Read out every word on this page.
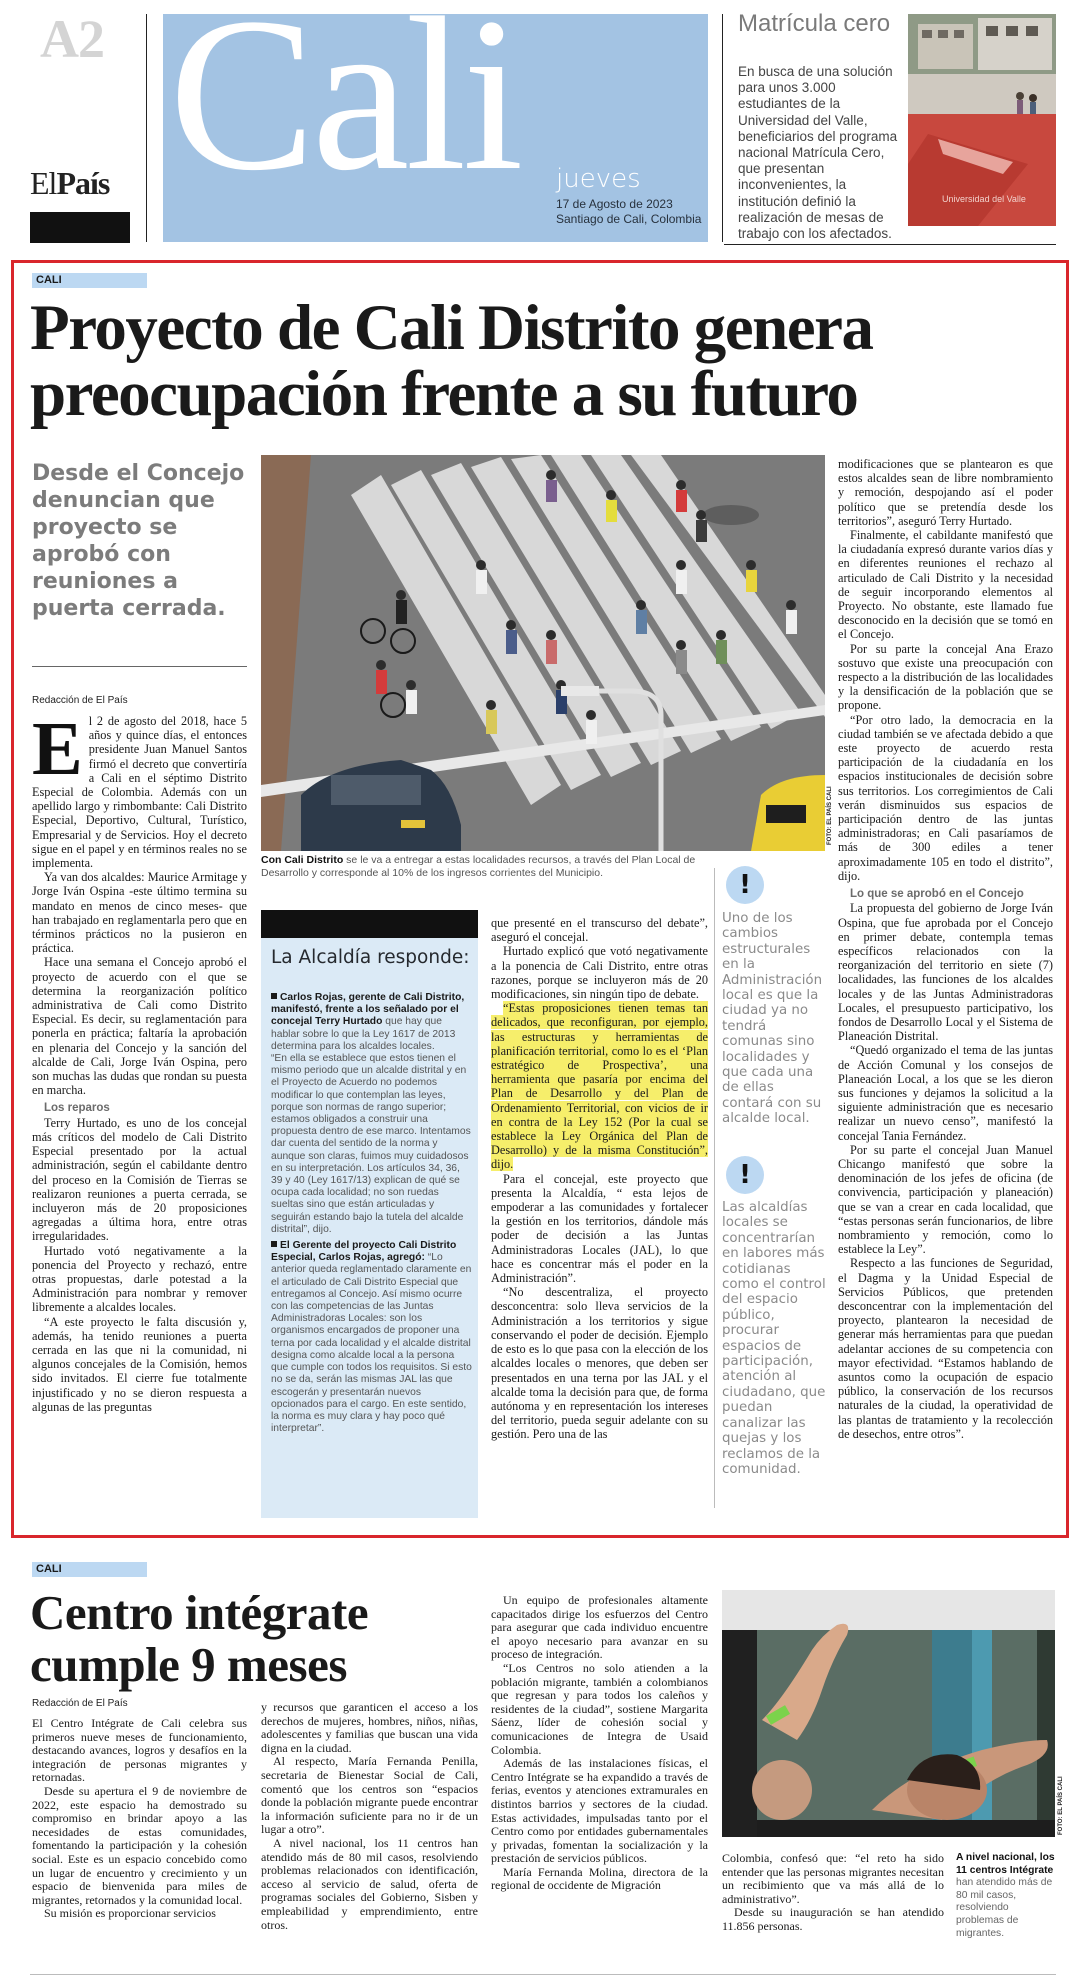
A2
ElPaís Cali jueves
17 de Agosto de 2023
Santiago de Cali, Colombia
Matrícula cero
En busca de una solución para unos 3.000 estudiantes de la Universidad del Valle, beneficiarios del programa nacional Matrícula Cero, que presentan inconvenientes, la institución definió la realización de mesas de trabajo con los afectados.
Universidad del Valle
CALI
Proyecto de Cali Distrito genera preocupación frente a su futuro
Desde el Concejo denuncian que proyecto se aprobó con reuniones a puerta cerrada.
Redacción de El País

El 2 de agosto del 2018, hace 5 años y quince días, el entonces presidente Juan Manuel Santos firmó el decreto que convertiría a Cali en el séptimo Distrito Especial de Colombia. Además con un apellido largo y rimbombante: Cali Distrito Especial, Deportivo, Cultural, Turístico, Empresarial y de Servicios. Hoy el decreto sigue en el papel y en términos reales no se implementa.

Ya van dos alcaldes: Maurice Armitage y Jorge Iván Ospina -este último termina su mandato en menos de cinco meses- que han trabajado en reglamentarla pero que en términos prácticos no la pusieron en práctica.

Hace una semana el Concejo aprobó el proyecto de acuerdo con el que se determina la reorganización político administrativa de Cali como Distrito Especial. Es decir, su reglamentación para ponerla en práctica; faltaría la aprobación en plenaria del Concejo y la sanción del alcalde de Cali, Jorge Iván Ospina, pero son muchas las dudas que rondan su puesta en marcha.

Los reparos

Terry Hurtado, es uno de los concejal más críticos del modelo de Cali Distrito Especial presentado por la actual administración, según el cabildante dentro del proceso en la Comisión de Tierras se realizaron reuniones a puerta cerrada, se incluyeron más de 20 proposiciones agregadas a última hora, entre otras irregularidades.

Hurtado votó negativamente a la ponencia del Proyecto y rechazó, entre otras propuestas, darle potestad a la Administración para nombrar y remover libremente a alcaldes locales.

“A este proyecto le falta discusión y, además, ha tenido reuniones a puerta cerrada en las que ni la comunidad, ni algunos concejales de la Comisión, hemos sido invitados. El cierre fue totalmente injustificado y no se dieron respuesta a algunas de las preguntas

FOTO: EL PAÍS CALI
Con Cali Distrito se le va a entregar a estas localidades recursos, a través del Plan Local de Desarrollo y corresponde al 10% de los ingresos corrientes del Municipio.
La Alcaldía responde:

Carlos Rojas, gerente de Cali Distrito, manifestó, frente a los señalado por el concejal Terry Hurtado que hay que hablar sobre lo que la Ley 1617 de 2013 determina para los alcaldes locales.

“En ella se establece que estos tienen el mismo periodo que un alcalde distrital y en el Proyecto de Acuerdo no podemos modificar lo que contemplan las leyes, porque son normas de rango superior; estamos obligados a construir una propuesta dentro de ese marco. Intentamos dar cuenta del sentido de la norma y aunque son claras, fuimos muy cuidadosos en su interpretación. Los artículos 34, 36, 39 y 40 (Ley 1617/13) explican de qué se ocupa cada localidad; no son ruedas sueltas sino que están articuladas y seguirán estando bajo la tutela del alcalde distrital”, dijo.

El Gerente del proyecto Cali Distrito Especial, Carlos Rojas, agregó: “Lo anterior queda reglamentado claramente en el articulado de Cali Distrito Especial que entregamos al Concejo. Así mismo ocurre con las competencias de las Juntas Administradoras Locales: son los organismos encargados de proponer una terna por cada localidad y el alcalde distrital designa como alcalde local a la persona que cumple con todos los requisitos. Si esto no se da, serán las mismas JAL las que escogerán y presentarán nuevos opcionados para el cargo. En este sentido, la norma es muy clara y hay poco qué interpretar”.

que presenté en el transcurso del debate”, aseguró el concejal.

Hurtado explicó que votó negativamente a la ponencia de Cali Distrito, entre otras razones, porque se incluyeron más de 20 modificaciones, sin ningún tipo de debate.

“Estas proposiciones tienen temas tan delicados, que reconfiguran, por ejemplo, las estructuras y herramientas de planificación territorial, como lo es el ‘Plan estratégico de Prospectiva’, una herramienta que pasaría por encima del Plan de Desarrollo y del Plan de Ordenamiento Territorial, con vicios de ir en contra de la Ley 152 (Por la cual se establece la Ley Orgánica del Plan de Desarrollo) y de la misma Constitución”, dijo.

Para el concejal, este proyecto que presenta la Alcaldía, “ esta lejos de empoderar a las comunidades y fortalecer la gestión en los territorios, dándole más poder de decisión a las Juntas Administradoras Locales (JAL), lo que hace es concentrar más el poder en la Administración”.

“No descentraliza, el proyecto desconcentra: solo lleva servicios de la Administración a los territorios y sigue conservando el poder de decisión. Ejemplo de esto es lo que pasa con la elección de los alcaldes locales o menores, que deben ser presentados en una terna por las JAL y el alcalde toma la decisión para que, de forma autónoma y en representación los intereses del territorio, pueda seguir adelante con su gestión. Pero una de las

!
Uno de los cambios estructurales en la Administración local es que la ciudad ya no tendrá comunas sino localidades y que cada una de ellas contará con su alcalde local.
!
Las alcaldías locales se concentrarían en labores más cotidianas como el control del espacio público, procurar espacios de participación, atención al ciudadano, que puedan canalizar las quejas y los reclamos de la comunidad.

modificaciones que se plantearon es que estos alcaldes sean de libre nombramiento y remoción, despojando así el poder político que se pretendía desde los territorios”, aseguró Terry Hurtado.

Finalmente, el cabildante manifestó que la ciudadanía expresó durante varios días y en diferentes reuniones el rechazo al articulado de Cali Distrito y la necesidad de seguir incorporando elementos al Proyecto. No obstante, este llamado fue desconocido en la decisión que se tomó en el Concejo.

Por su parte la concejal Ana Erazo sostuvo que existe una preocupación con respecto a la distribución de las localidades y la densificación de la población que se propone.

“Por otro lado, la democracia en la ciudad también se ve afectada debido a que este proyecto de acuerdo resta participación de la ciudadanía en los espacios institucionales de decisión sobre sus territorios. Los corregimientos de Cali verán disminuidos sus espacios de participación dentro de las juntas administradoras; en Cali pasaríamos de más de 300 ediles a tener aproximadamente 105 en todo el distrito”, dijo.

Lo que se aprobó en el Concejo

La propuesta del gobierno de Jorge Iván Ospina, que fue aprobada por el Concejo en primer debate, contempla temas específicos relacionados con la reorganización del territorio en siete (7) localidades, las funciones de los alcaldes locales y de las Juntas Administradoras Locales, el presupuesto participativo, los fondos de Desarrollo Local y el Sistema de Planeación Distrital.

“Quedó organizado el tema de las juntas de Acción Comunal y los consejos de Planeación Local, a los que se les dieron sus funciones y dejamos la solicitud a la siguiente administración que es necesario realizar un nuevo censo”, manifestó la concejal Tania Fernández.

Por su parte el concejal Juan Manuel Chicango manifestó que sobre la denominación de los jefes de oficina (de convivencia, participación y planeación) que se van a crear en cada localidad, que “estas personas serán funcionarios, de libre nombramiento y remoción, como lo establece la Ley”.

Respecto a las funciones de Seguridad, el Dagma y la Unidad Especial de Servicios Públicos, que pretenden desconcentrar con la implementación del proyecto, plantearon la necesidad de generar más herramientas para que puedan adelantar acciones de su competencia con mayor efectividad. “Estamos hablando de asuntos como la ocupación de espacio público, la conservación de los recursos naturales de la ciudad, la operatividad de las plantas de tratamiento y la recolección de desechos, entre otros”.

CALI
Centro intégrate cumple 9 meses
Redacción de El País

El Centro Intégrate de Cali celebra sus primeros nueve meses de funcionamiento, destacando avances, logros y desafíos en la integración de personas migrantes y retornadas.

Desde su apertura el 9 de noviembre de 2022, este espacio ha demostrado su compromiso en brindar apoyo a las necesidades de estas comunidades, fomentando la participación y la cohesión social. Este es un espacio concebido como un lugar de encuentro y crecimiento y un espacio de bienvenida para miles de migrantes, retornados y la comunidad local.

Su misión es proporcionar servicios

y recursos que garanticen el acceso a los derechos de mujeres, hombres, niños, niñas, adolescentes y familias que buscan una vida digna en la ciudad.

Al respecto, María Fernanda Penilla, secretaria de Bienestar Social de Cali, comentó que los centros son “espacios donde la población migrante puede encontrar la información suficiente para no ir de un lugar a otro”.

A nivel nacional, los 11 centros han atendido más de 80 mil casos, resolviendo problemas relacionados con identificación, acceso al servicio de salud, oferta de programas sociales del Gobierno, Sisben y empleabilidad y emprendimiento, entre otros.

Un equipo de profesionales altamente capacitados dirige los esfuerzos del Centro para asegurar que cada individuo encuentre el apoyo necesario para avanzar en su proceso de integración.

“Los Centros no solo atienden a la población migrante, también a colombianos que regresan y para todos los caleños y residentes de la ciudad”, sostiene Margarita Sáenz, líder de cohesión social y comunicaciones de Integra de Usaid Colombia.

Además de las instalaciones físicas, el Centro Intégrate se ha expandido a través de ferias, eventos y atenciones extramurales en distintos barrios y sectores de la ciudad. Estas actividades, impulsadas tanto por el Centro como por entidades gubernamentales y privadas, fomentan la socialización y la prestación de servicios públicos.

María Fernanda Molina, directora de la regional de occidente de Migración

FOTO: EL PAÍS CALI

Colombia, confesó que: “el reto ha sido entender que las personas migrantes necesitan un recibimiento que va más allá de lo administrativo”.

Desde su inauguración se han atendido 11.856 personas.

A nivel nacional, los 11 centros Intégrate han atendido más de 80 mil casos, resolviendo problemas de migrantes.
